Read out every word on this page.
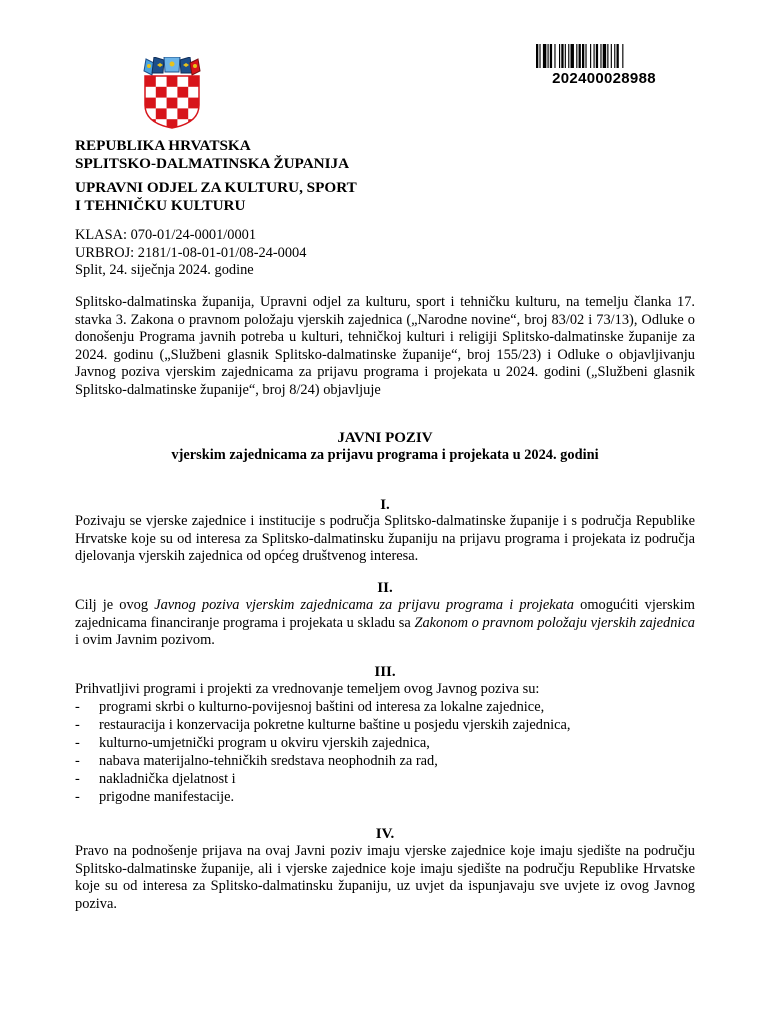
202400028988
REPUBLIKA HRVATSKA
SPLITSKO-DALMATINSKA ŽUPANIJA
UPRAVNI ODJEL ZA KULTURU, SPORT
I TEHNIČKU KULTURU
KLASA: 070-01/24-0001/0001
URBROJ: 2181/1-08-01-01/08-24-0004
Split, 24. siječnja 2024. godine
Splitsko-dalmatinska županija, Upravni odjel za kulturu, sport i tehničku kulturu, na temelju članka 17. stavka 3. Zakona o pravnom položaju vjerskih zajednica („Narodne novine“, broj 83/02 i 73/13), Odluke o donošenju Programa javnih potreba u kulturi, tehničkoj kulturi i religiji Splitsko-dalmatinske županije za 2024. godinu („Službeni glasnik Splitsko-dalmatinske županije“, broj 155/23) i Odluke o objavljivanju Javnog poziva vjerskim zajednicama za prijavu programa i projekata u 2024. godini („Službeni glasnik Splitsko-dalmatinske županije“, broj 8/24) objavljuje
JAVNI POZIV
vjerskim zajednicama za prijavu programa i projekata u 2024. godini
I.
Pozivaju se vjerske zajednice i institucije s područja Splitsko-dalmatinske županije i s područja Republike Hrvatske koje su od interesa za Splitsko-dalmatinsku županiju na prijavu programa i projekata iz područja djelovanja vjerskih zajednica od općeg društvenog interesa.
II.
Cilj je ovog Javnog poziva vjerskim zajednicama za prijavu programa i projekata omogućiti vjerskim zajednicama financiranje programa i projekata u skladu sa Zakonom o pravnom položaju vjerskih zajednica i ovim Javnim pozivom.
III.
Prihvatljivi programi i projekti za vrednovanje temeljem ovog Javnog poziva su:
- programi skrbi o kulturno-povijesnoj baštini od interesa za lokalne zajednice,
- restauracija i konzervacija pokretne kulturne baštine u posjedu vjerskih zajednica,
- kulturno-umjetnički program u okviru vjerskih zajednica,
- nabava materijalno-tehničkih sredstava neophodnih za rad,
- nakladnička djelatnost i
- prigodne manifestacije.
IV.
Pravo na podnošenje prijava na ovaj Javni poziv imaju vjerske zajednice koje imaju sjedište na području Splitsko-dalmatinske županije, ali i vjerske zajednice koje imaju sjedište na području Republike Hrvatske koje su od interesa za Splitsko-dalmatinsku županiju, uz uvjet da ispunjavaju sve uvjete iz ovog Javnog poziva.
